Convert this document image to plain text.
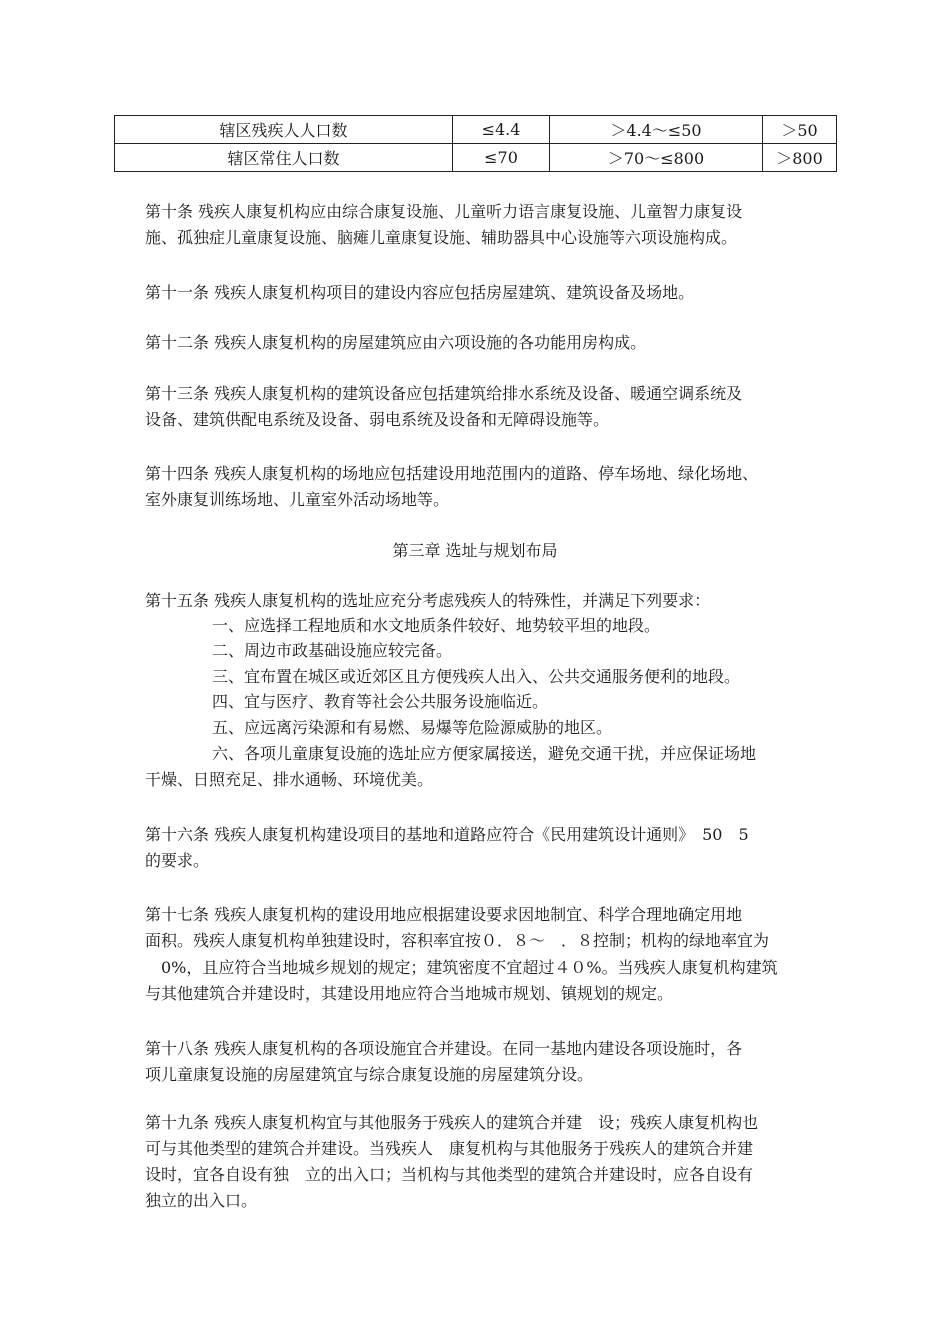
辖区残疾人人口数	≤4.4	＞4.4～≤50	＞50
辖区常住人口数	≤70	＞70～≤800	＞800

第十条 残疾人康复机构应由综合康复设施、儿童听力语言康复设施、儿童智力康复设

施、孤独症儿童康复设施、脑瘫儿童康复设施、辅助器具中心设施等六项设施构成。

第十一条 残疾人康复机构项目的建设内容应包括房屋建筑、建筑设备及场地。

第十二条 残疾人康复机构的房屋建筑应由六项设施的各功能用房构成。

第十三条 残疾人康复机构的建筑设备应包括建筑给排水系统及设备、暖通空调系统及

设备、建筑供配电系统及设备、弱电系统及设备和无障碍设施等。

第十四条 残疾人康复机构的场地应包括建设用地范围内的道路、停车场地、绿化场地、

室外康复训练场地、儿童室外活动场地等。

第三章 选址与规划布局

第十五条 残疾人康复机构的选址应充分考虑残疾人的特殊性，并满足下列要求：

一、应选择工程地质和水文地质条件较好、地势较平坦的地段。

二、周边市政基础设施应较完备。

三、宜布置在城区或近郊区且方便残疾人出入、公共交通服务便利的地段。

四、宜与医疗、教育等社会公共服务设施临近。

五、应远离污染源和有易燃、易爆等危险源威胁的地区。

六、各项儿童康复设施的选址应方便家属接送，避免交通干扰，并应保证场地

干燥、日照充足、排水通畅、环境优美。

第十六条 残疾人康复机构建设项目的基地和道路应符合《民用建筑设计通则》　50　5

的要求。

第十七条 残疾人康复机构的建设用地应根据建设要求因地制宜、科学合理地确定用地

面积。残疾人康复机构单独建设时，容积率宜按０．８～　．８控制；机构的绿地率宜为

　0%，且应符合当地城乡规划的规定；建筑密度不宜超过４０%。当残疾人康复机构建筑

与其他建筑合并建设时，其建设用地应符合当地城市规划、镇规划的规定。

第十八条 残疾人康复机构的各项设施宜合并建设。在同一基地内建设各项设施时，各

项儿童康复设施的房屋建筑宜与综合康复设施的房屋建筑分设。

第十九条 残疾人康复机构宜与其他服务于残疾人的建筑合并建　设；残疾人康复机构也

可与其他类型的建筑合并建设。当残疾人　康复机构与其他服务于残疾人的建筑合并建

设时，宜各自设有独　立的出入口；当机构与其他类型的建筑合并建设时，应各自设有

独立的出入口。
